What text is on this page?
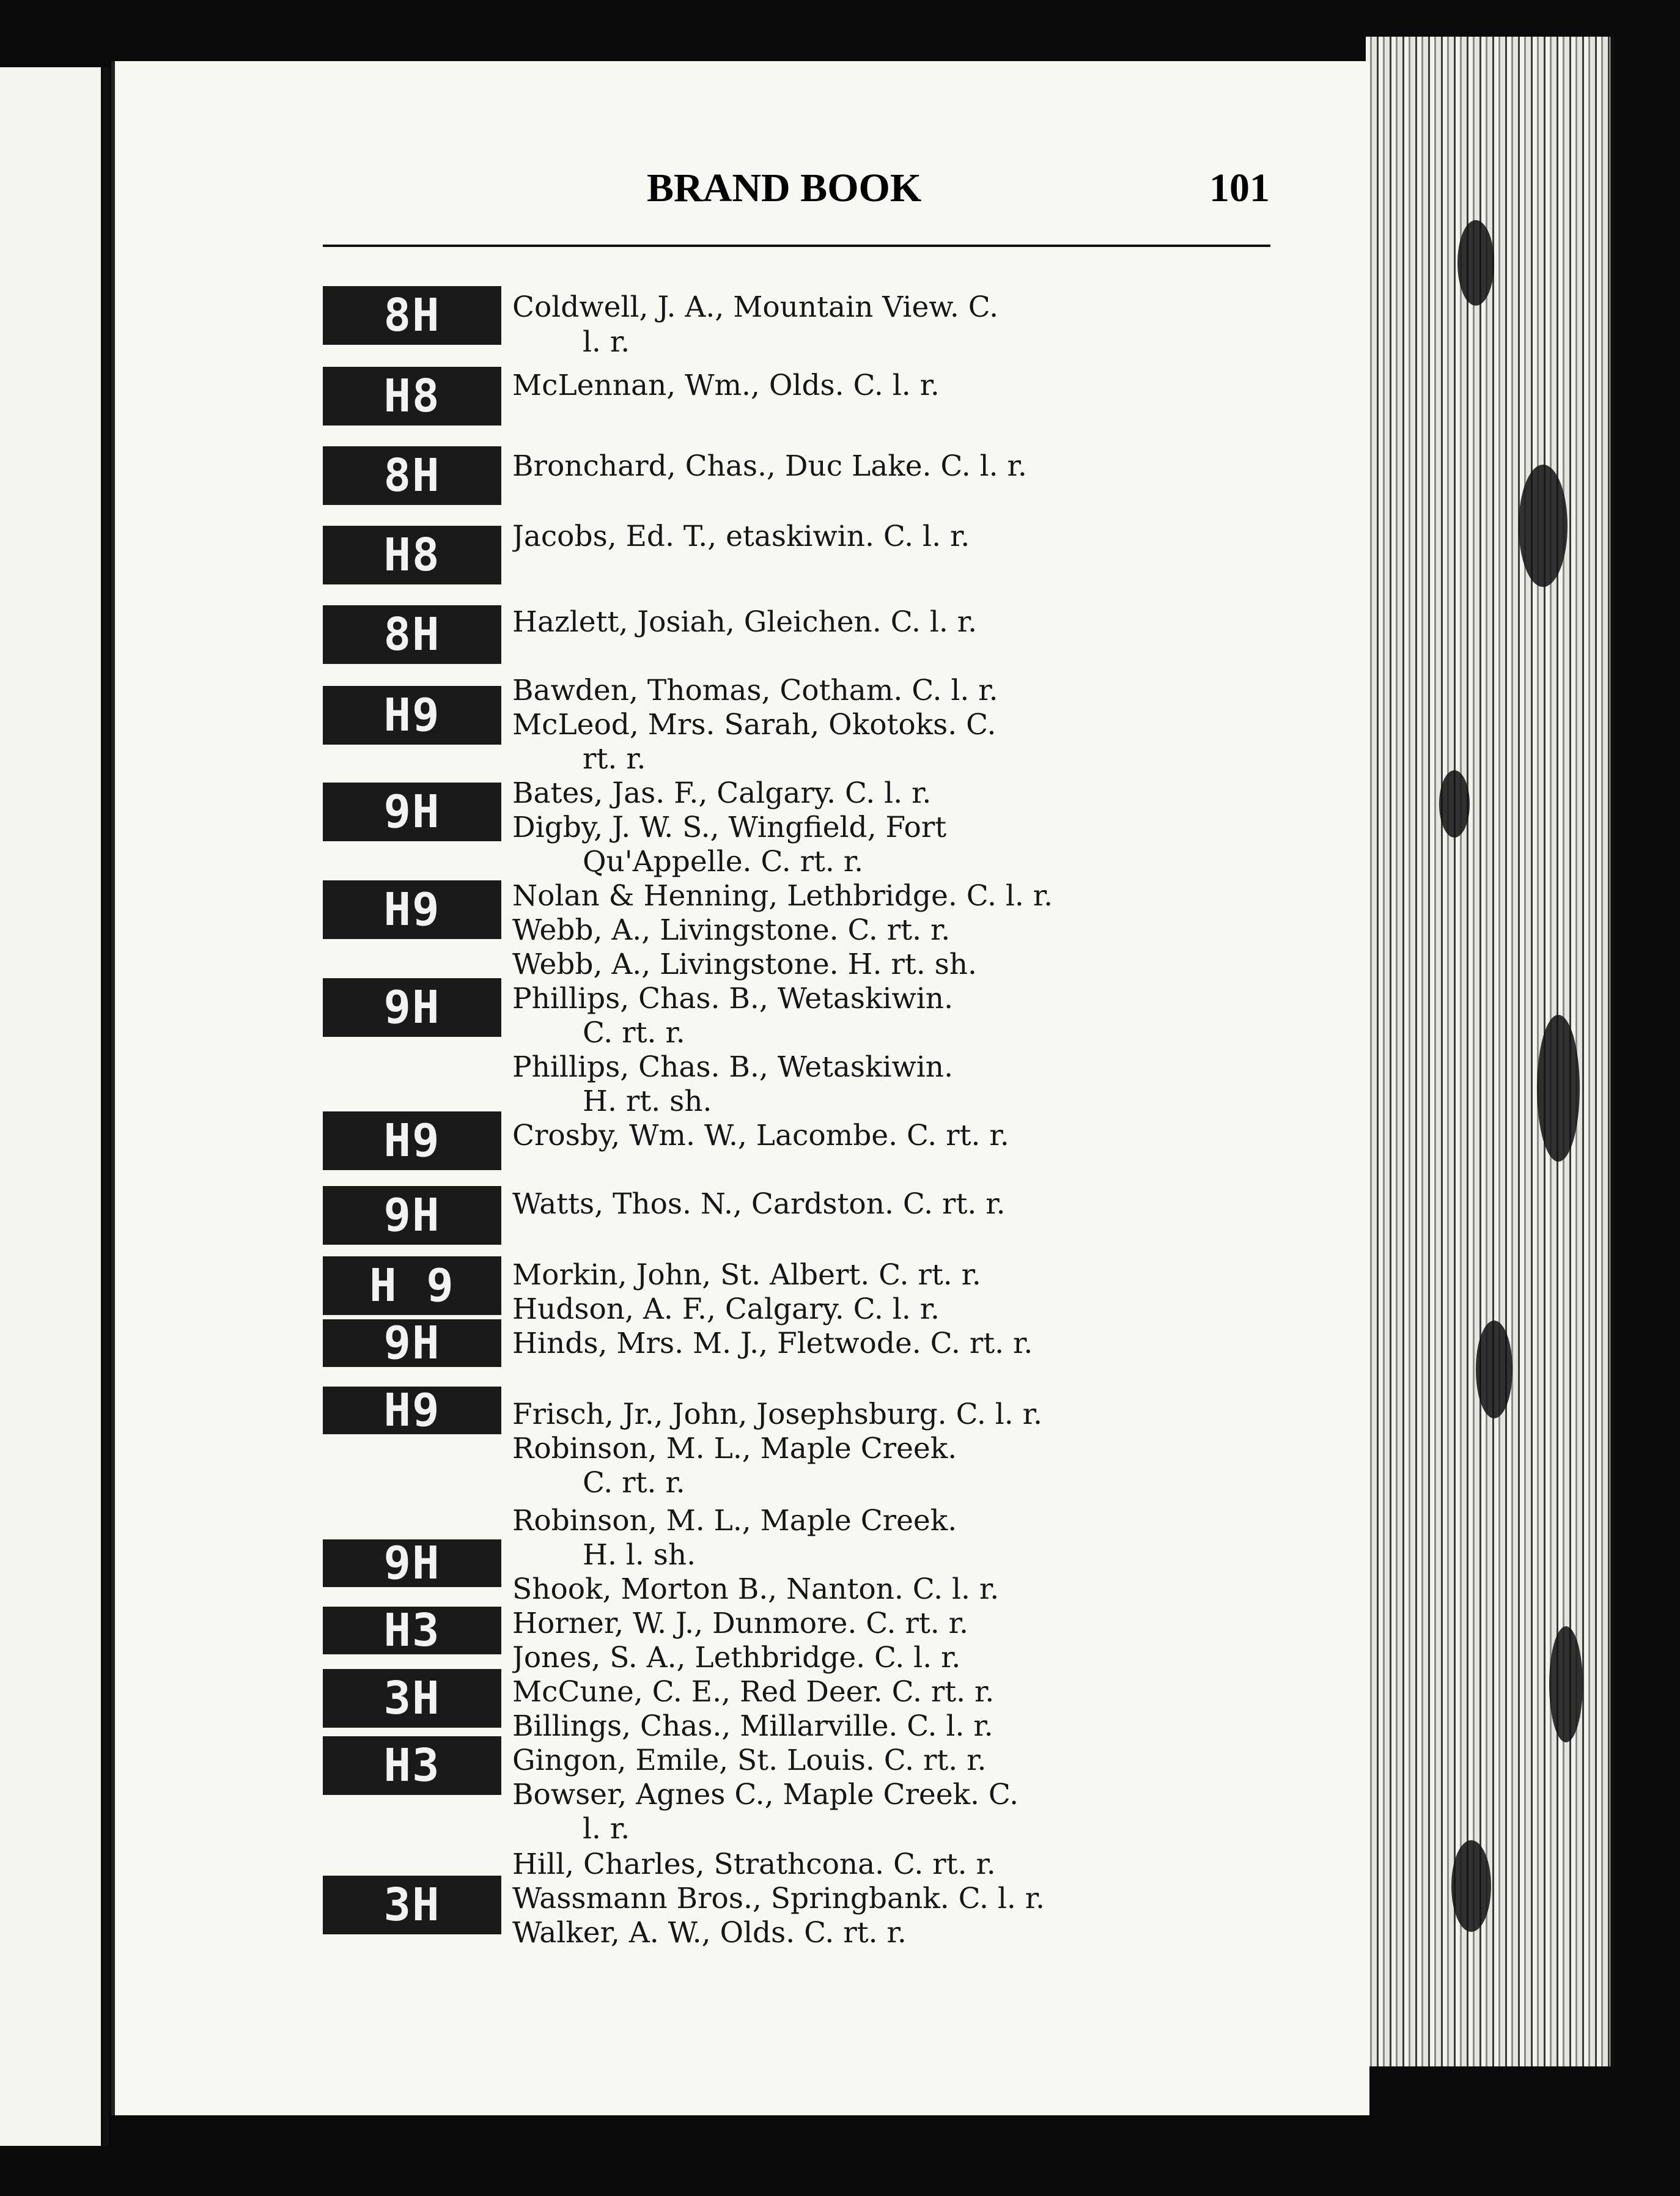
BRAND BOOK	101
8H
H8
8H
H8
8H
H9
9H
H9
9H
H9
9H
H 9
9H
H9
9H
H3
3H
H3
3H

Coldwell, J. A., Mountain View. C.

l. r.

McLennan, Wm., Olds. C. l. r.

Bronchard, Chas., Duc Lake. C. l. r.

Jacobs, Ed. T., etaskiwin. C. l. r.

Hazlett, Josiah, Gleichen. C. l. r.

Bawden, Thomas, Cotham. C. l. r.

McLeod, Mrs. Sarah, Okotoks. C.

rt. r.

Bates, Jas. F., Calgary. C. l. r.

Digby, J. W. S., Wingfield, Fort

Qu'Appelle. C. rt. r.

Nolan & Henning, Lethbridge. C. l. r.

Webb, A., Livingstone. C. rt. r.

Webb, A., Livingstone. H. rt. sh.

Phillips, Chas. B., Wetaskiwin.

C. rt. r.

Phillips, Chas. B., Wetaskiwin.

H. rt. sh.

Crosby, Wm. W., Lacombe. C. rt. r.

Watts, Thos. N., Cardston. C. rt. r.

Morkin, John, St. Albert. C. rt. r.

Hudson, A. F., Calgary. C. l. r.

Hinds, Mrs. M. J., Fletwode. C. rt. r.

Frisch, Jr., John, Josephsburg. C. l. r.

Robinson, M. L., Maple Creek.

C. rt. r.

Robinson, M. L., Maple Creek.

H. l. sh.

Shook, Morton B., Nanton. C. l. r.

Horner, W. J., Dunmore. C. rt. r.

Jones, S. A., Lethbridge. C. l. r.

McCune, C. E., Red Deer. C. rt. r.

Billings, Chas., Millarville. C. l. r.

Gingon, Emile, St. Louis. C. rt. r.

Bowser, Agnes C., Maple Creek. C.

l. r.

Hill, Charles, Strathcona. C. rt. r.

Wassmann Bros., Springbank. C. l. r.

Walker, A. W., Olds. C. rt. r.
